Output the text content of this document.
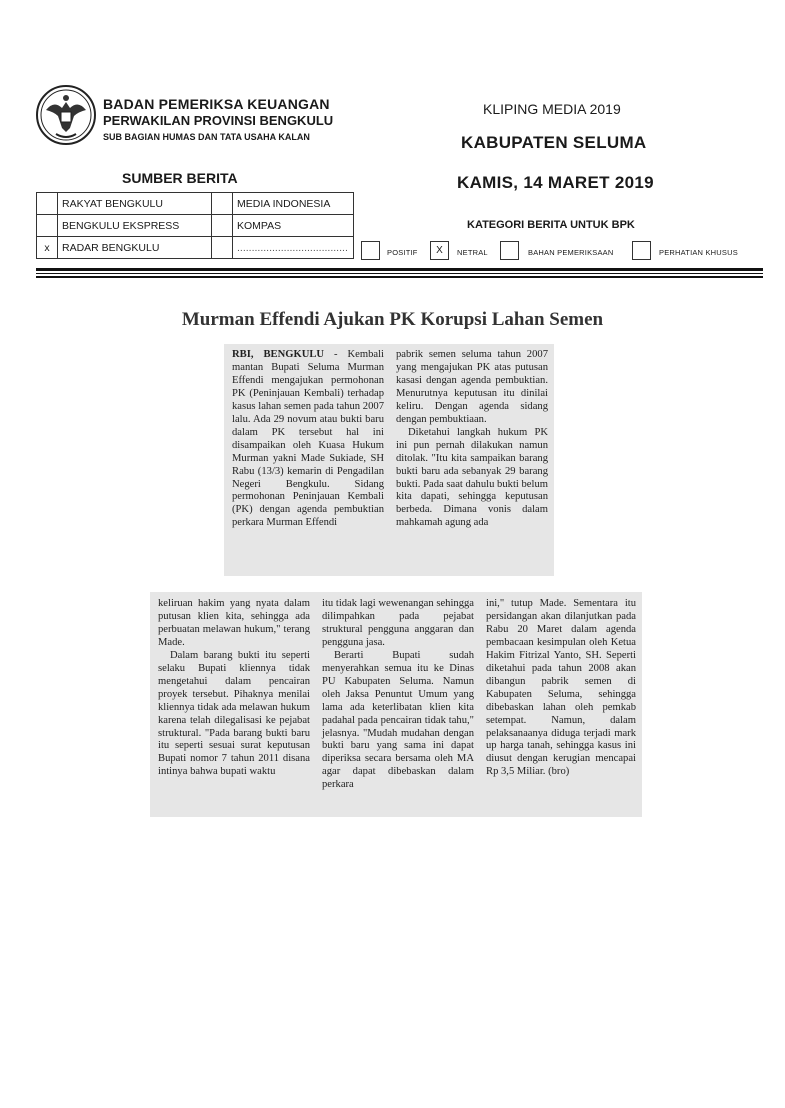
BADAN PEMERIKSA KEUANGAN
PERWAKILAN PROVINSI BENGKULU
SUB BAGIAN HUMAS DAN TATA USAHA KALAN
KLIPING MEDIA 2019
KABUPATEN SELUMA
KAMIS, 14 MARET 2019
SUMBER BERITA
	RAKYAT BENGKULU		MEDIA INDONESIA
	BENGKULU EKSPRESS		KOMPAS
x	RADAR BENGKULU		......................................
KATEGORI BERITA UNTUK BPK
POSITIF	X	NETRAL	BAHAN PEMERIKSAAN	PERHATIAN KHUSUS
Murman Effendi Ajukan PK Korupsi Lahan Semen

RBI, BENGKULU - Kembali mantan Bupati Seluma Murman Effendi mengajukan permohonan PK (Peninjauan Kembali) terhadap kasus lahan semen pada tahun 2007 lalu. Ada 29 novum atau bukti baru dalam PK tersebut hal ini disampaikan oleh Kuasa Hukum Murman yakni Made Sukiade, SH Rabu (13/3) kemarin di Pengadilan Negeri Bengkulu. Sidang permohonan Peninjauan Kembali (PK) dengan agenda pembuktian perkara Murman Effendi

pabrik semen seluma tahun 2007 yang mengajukan PK atas putusan kasasi dengan agenda pembuktian. Menurutnya keputusan itu dinilai keliru. Dengan agenda sidang dengan pembuktiaan.

Diketahui langkah hukum PK ini pun pernah dilakukan namun ditolak. "Itu kita sampaikan barang bukti baru ada sebanyak 29 barang bukti. Pada saat dahulu bukti belum kita dapati, sehingga keputusan berbeda. Dimana vonis dalam mahkamah agung ada

keliruan hakim yang nyata dalam putusan klien kita, sehingga ada perbuatan melawan hukum," terang Made.

Dalam barang bukti itu seperti selaku Bupati kliennya tidak mengetahui dalam pencairan proyek tersebut. Pihaknya menilai kliennya tidak ada melawan hukum karena telah dilegalisasi ke pejabat struktural. "Pada barang bukti baru itu seperti sesuai surat keputusan Bupati nomor 7 tahun 2011 disana intinya bahwa bupati waktu

itu tidak lagi wewenangan sehingga dilimpahkan pada pejabat struktural pengguna anggaran dan pengguna jasa.

Berarti Bupati sudah menyerahkan semua itu ke Dinas PU Kabupaten Seluma. Namun oleh Jaksa Penuntut Umum yang lama ada keterlibatan klien kita padahal pada pencairan tidak tahu," jelasnya. "Mudah mudahan dengan bukti baru yang sama ini dapat diperiksa secara bersama oleh MA agar dapat dibebaskan dalam perkara

ini," tutup Made. Sementara itu persidangan akan dilanjutkan pada Rabu 20 Maret dalam agenda pembacaan kesimpulan oleh Ketua Hakim Fitrizal Yanto, SH. Seperti diketahui pada tahun 2008 akan dibangun pabrik semen di Kabupaten Seluma, sehingga dibebaskan lahan oleh pemkab setempat. Namun, dalam pelaksanaanya diduga terjadi mark up harga tanah, sehingga kasus ini diusut dengan kerugian mencapai Rp 3,5 Miliar. (bro)
